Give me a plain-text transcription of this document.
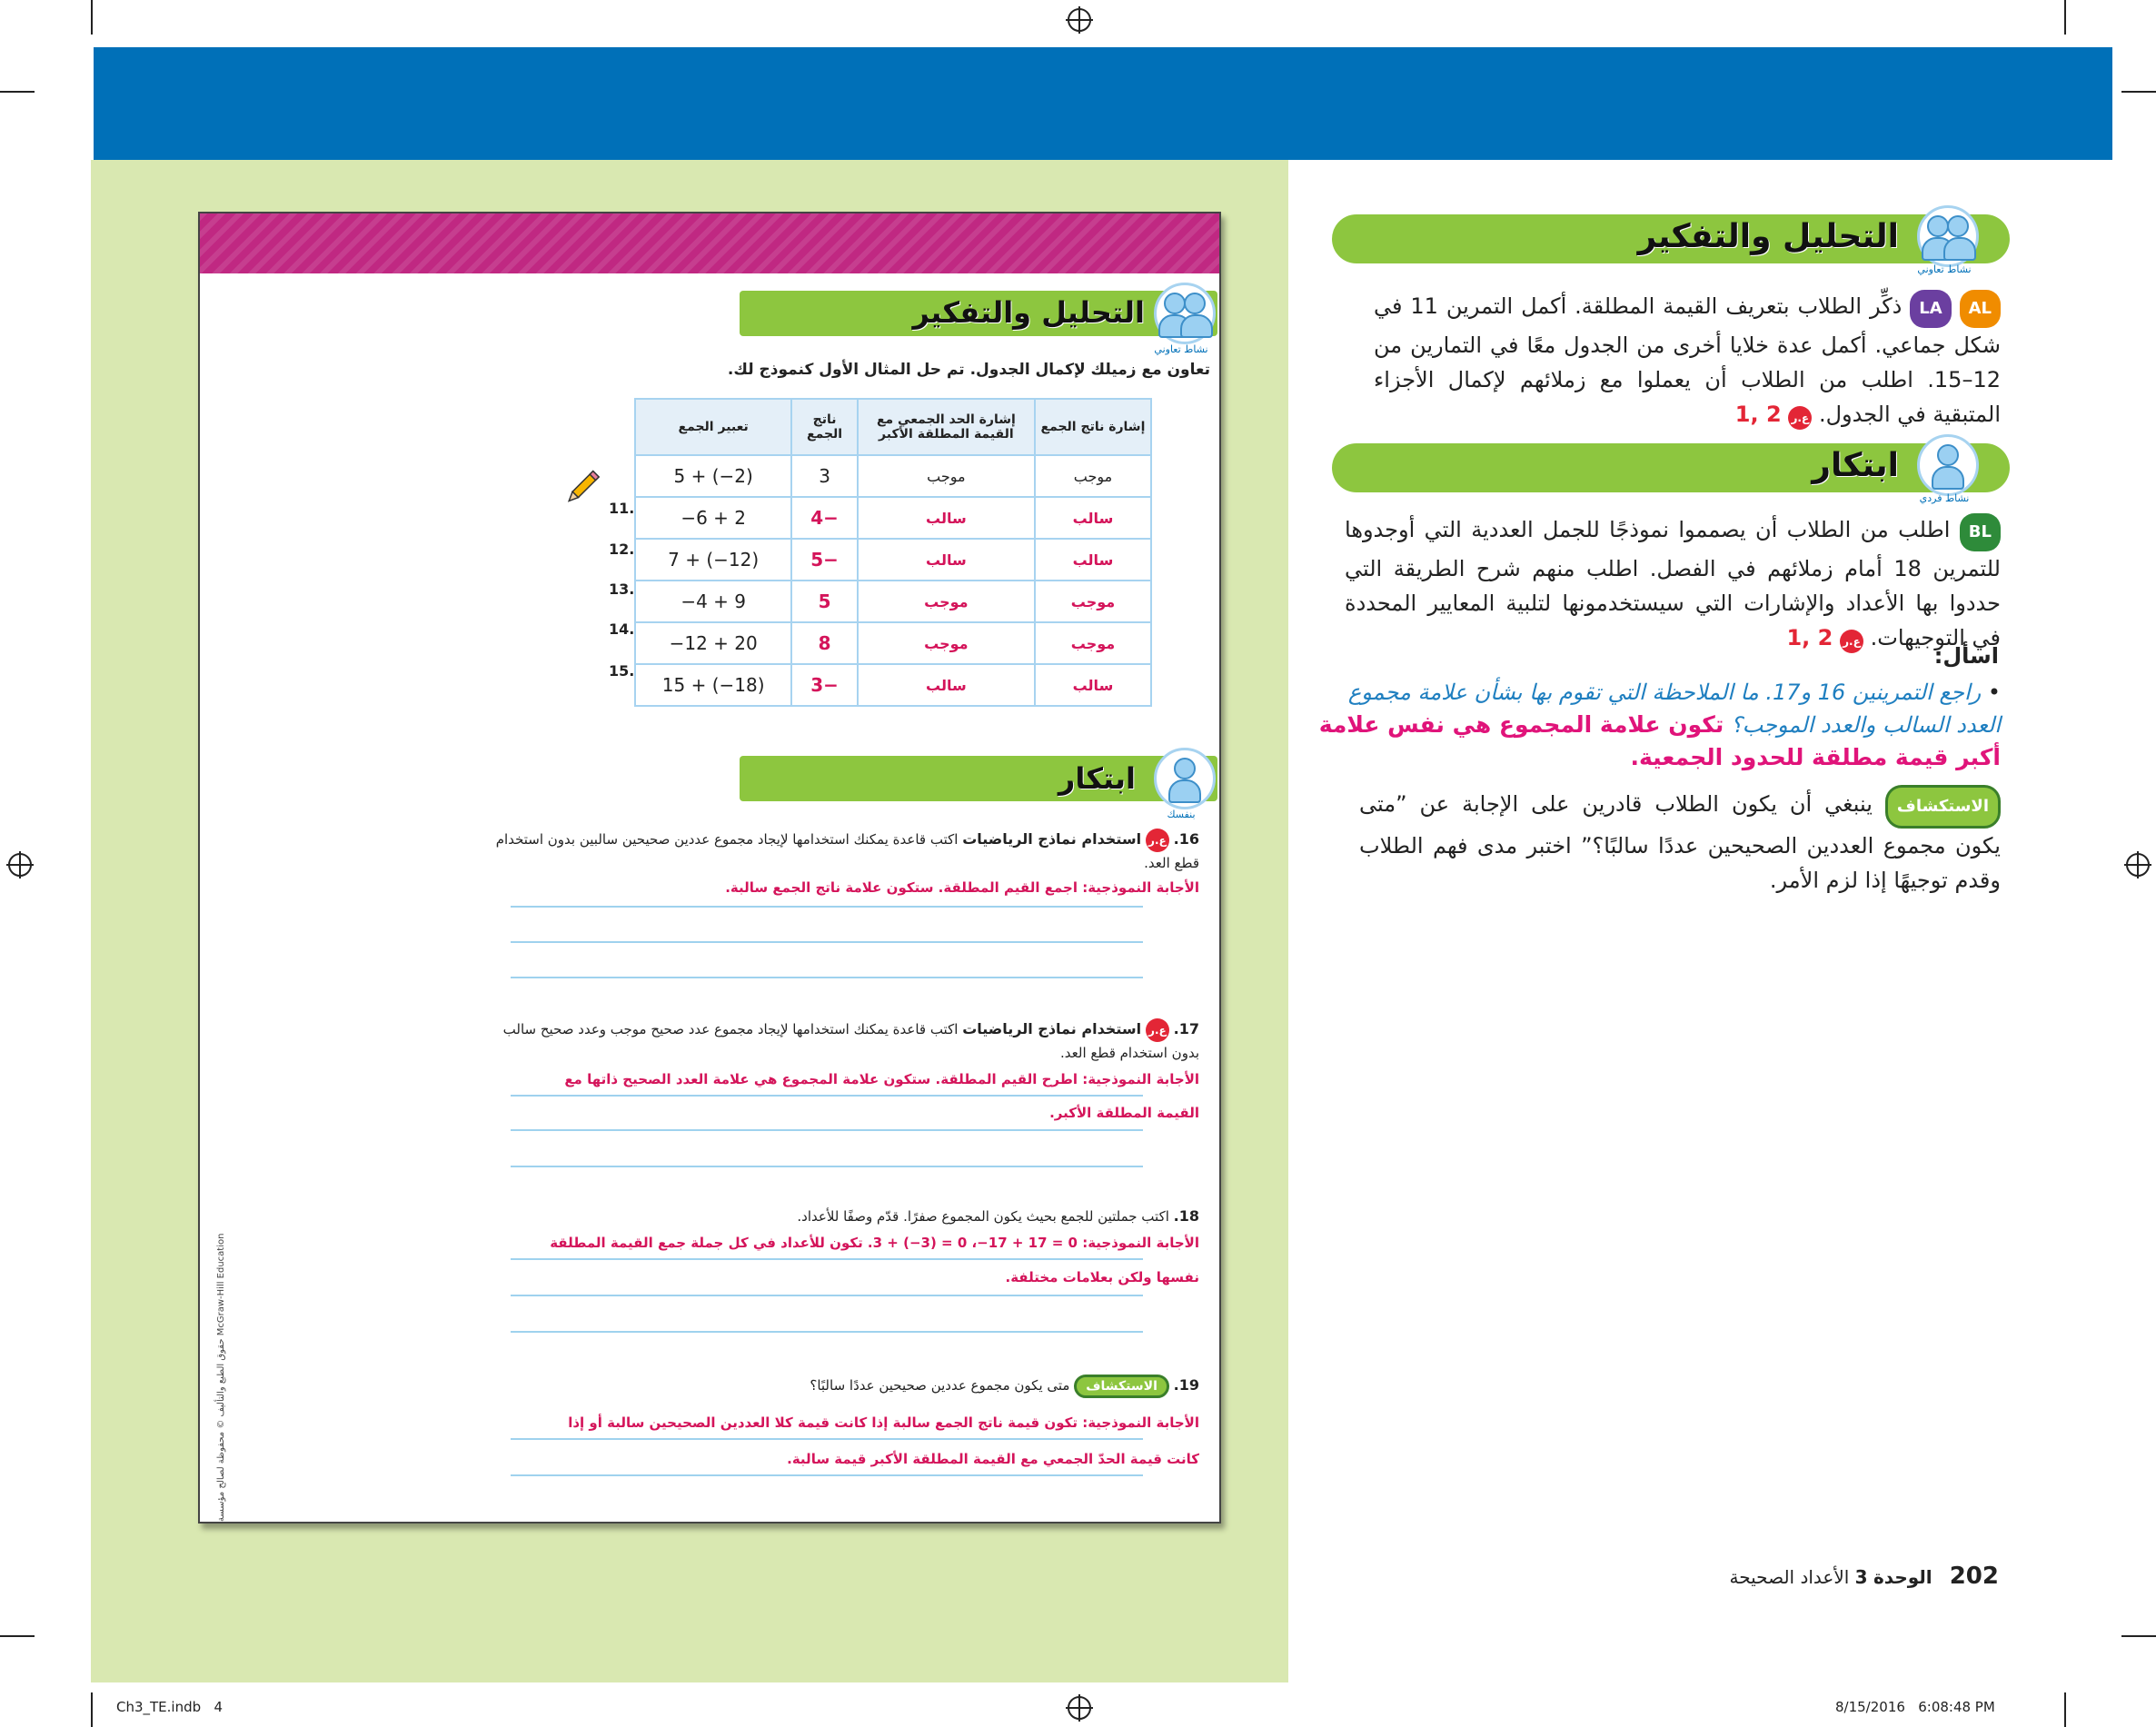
التحليل والتفكير
نشاط تعاوني
تعاون مع زميلك لإكمال الجدول. تم حل المثال الأول كنموذج لك.
إشارة ناتج الجمع	إشارة الحد الجمعي مع القيمة المطلقة الأكبر	ناتج الجمع	تعبير الجمع
موجب	موجب	3	5 + (−2)
سالب	سالب	−4	−6 + 2
سالب	سالب	−5	7 + (−12)
موجب	موجب	5	−4 + 9
موجب	موجب	8	−12 + 20
سالب	سالب	−3	15 + (−18)
11.
12.
13.
14.
15.
ابتكار
بنفسك
16. ع.ر استخدام نماذج الرياضيات اكتب قاعدة يمكنك استخدامها لإيجاد مجموع عددين صحيحين سالبين بدون استخدام قطع العد.
الأجابة النموذجية: اجمع القيم المطلقة. ستكون علامة ناتج الجمع سالبة.
17. ع.ر استخدام نماذج الرياضيات اكتب قاعدة يمكنك استخدامها لإيجاد مجموع عدد صحيح موجب وعدد صحيح سالب بدون استخدام قطع العد.
الأجابة النموذجية: اطرح القيم المطلقة. ستكون علامة المجموع هي علامة العدد الصحيح ذاتها مع
القيمة المطلقة الأكبر.
18. اكتب جملتين للجمع بحيث يكون المجموع صفرًا. قدّم وصفًا للأعداد.
الأجابة النموذجية: 0 = 17 + 17−، 0 = (3−) + 3. تكون للأعداد في كل جملة جمع القيمة المطلقة
نفسها ولكن بعلامات مختلفة.
19. الاستكشاف متى يكون مجموع عددين صحيحين عددًا سالبًا؟
الأجابة النموذجية: تكون قيمة ناتج الجمع سالبة إذا كانت قيمة كلا العددين الصحيحين سالبة أو إذا
كانت قيمة الحدّ الجمعي مع القيمة المطلقة الأكبر قيمة سالبة.
حقوق الطبع والتأليف © محفوظة لصالح مؤسسة McGraw-Hill Education
التحليل والتفكير
نشاط تعاوني
AL LA ذكِّر الطلاب بتعريف القيمة المطلقة. أكمل التمرين 11 في شكل جماعي. أكمل عدة خلايا أخرى من الجدول معًا في التمارين من 12–15. اطلب من الطلاب أن يعملوا مع زملائهم لإكمال الأجزاء المتبقية في الجدول. ع.ر 1, 2
ابتكار
نشاط فردي
BL اطلب من الطلاب أن يصمموا نموذجًا للجمل العددية التي أوجدوها للتمرين 18 أمام زملائهم في الفصل. اطلب منهم شرح الطريقة التي حددوا بها الأعداد والإشارات التي سيستخدمونها لتلبية المعايير المحددة في التوجيهات. ع.ر 1, 2
اسأل:
• راجع التمرينين 16 و17. ما الملاحظة التي تقوم بها بشأن علامة مجموع العدد السالب والعدد الموجب؟ تكون علامة المجموع هي نفس علامة أكبر قيمة مطلقة للحدود الجمعية.
الاستكشاف ينبغي أن يكون الطلاب قادرين على الإجابة عن ”متى يكون مجموع العددين الصحيحين عددًا سالبًا؟” اختبر مدى فهم الطلاب وقدم توجيهًا إذا لزم الأمر.
202   الوحدة 3 الأعداد الصحيحة
Ch3_TE.indb   4	8/15/2016   6:08:48 PM
